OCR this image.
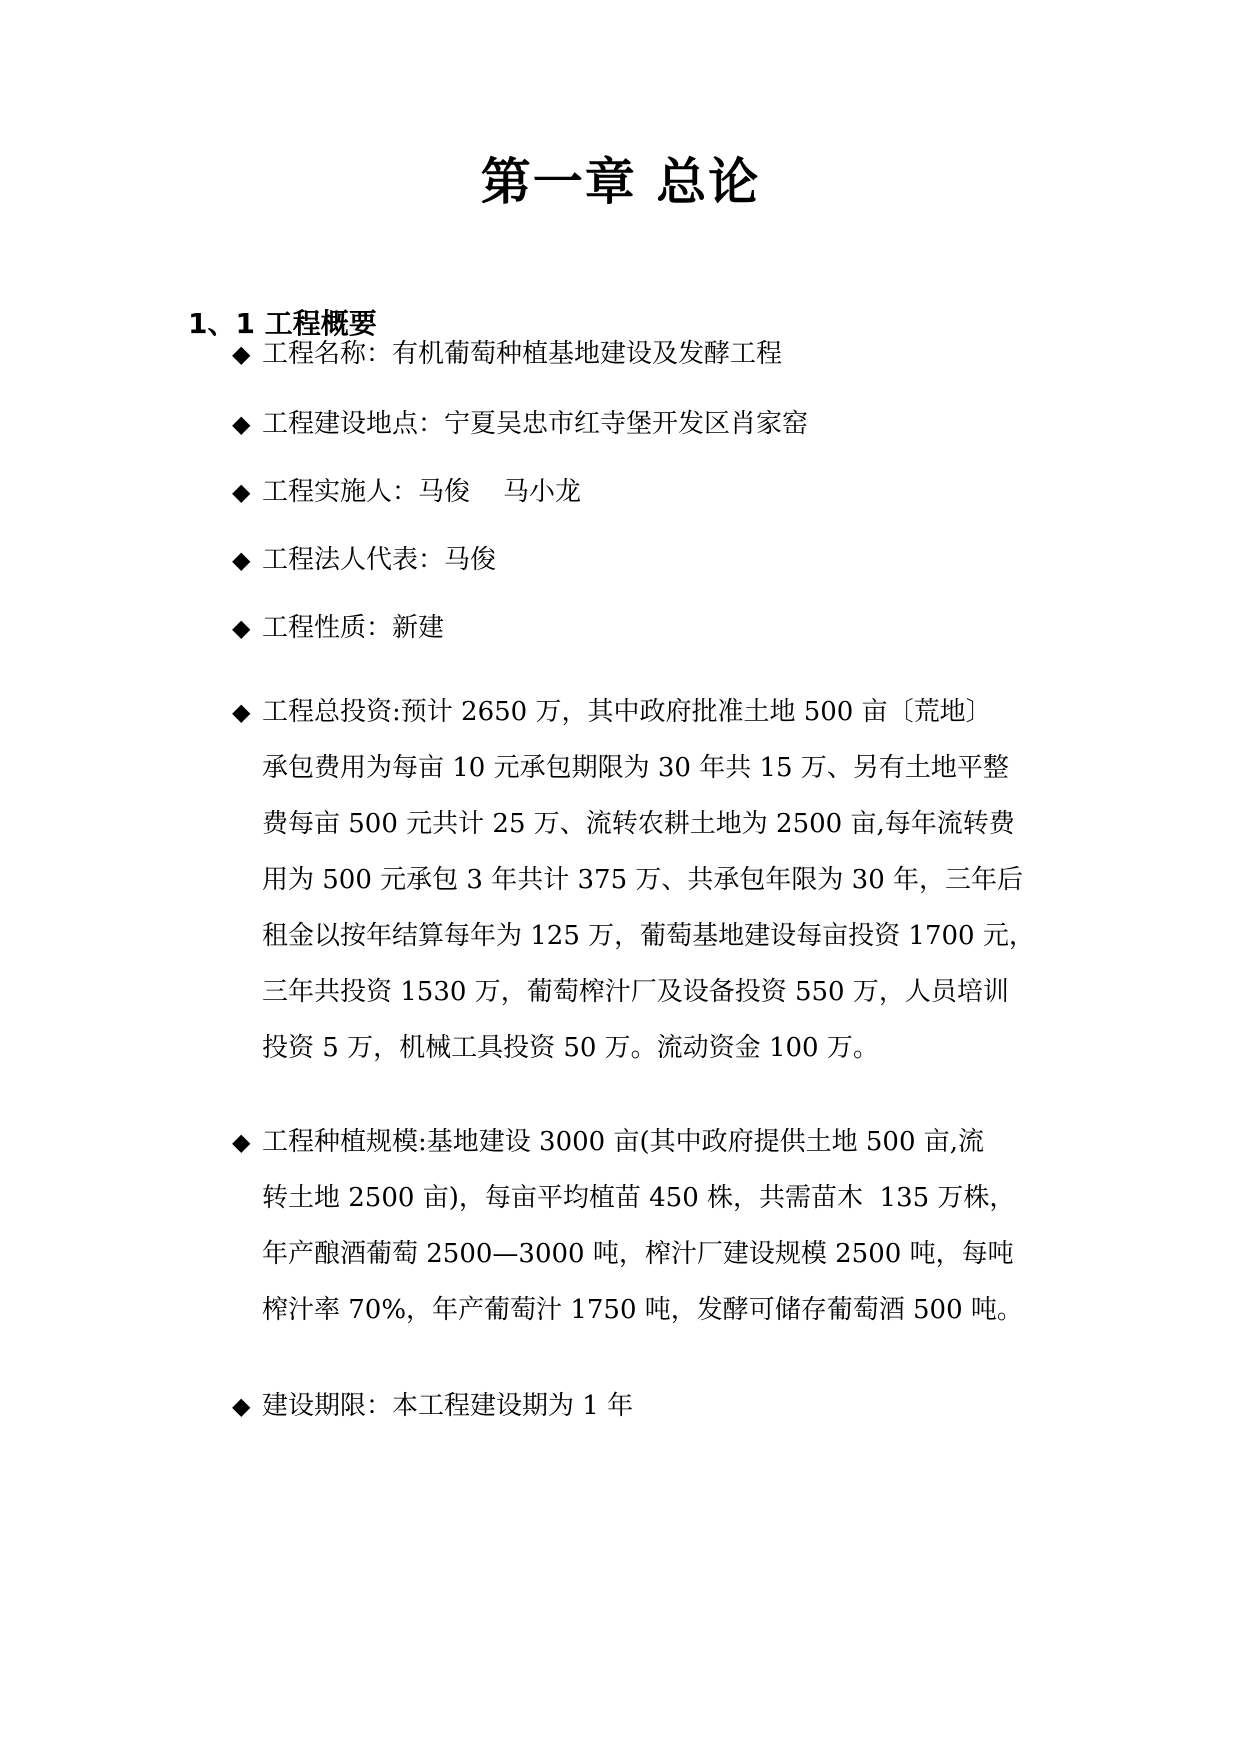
第一章 总论
1、1 工程概要
◆ 工程名称：有机葡萄种植基地建设及发酵工程
◆ 工程建设地点：宁夏吴忠市红寺堡开发区肖家窑
◆ 工程实施人：马俊    马小龙
◆ 工程法人代表：马俊
◆ 工程性质：新建
◆ 工程总投资:预计 2650 万，其中政府批准土地 500 亩〔荒地〕
承包费用为每亩 10 元承包期限为 30 年共 15 万、另有土地平整
费每亩 500 元共计 25 万、流转农耕土地为 2500 亩,每年流转费
用为 500 元承包 3 年共计 375 万、共承包年限为 30 年，三年后
租金以按年结算每年为 125 万，葡萄基地建设每亩投资 1700 元，
三年共投资 1530 万，葡萄榨汁厂及设备投资 550 万，人员培训
投资 5 万，机械工具投资 50 万。流动资金 100 万。
◆ 工程种植规模:基地建设 3000 亩(其中政府提供土地 500 亩,流
转土地 2500 亩)，每亩平均植苗 450 株，共需苗木  135 万株，
年产酿酒葡萄 2500—3000 吨，榨汁厂建设规模 2500 吨，每吨
榨汁率 70%，年产葡萄汁 1750 吨，发酵可储存葡萄酒 500 吨。
◆ 建设期限：本工程建设期为 1 年
